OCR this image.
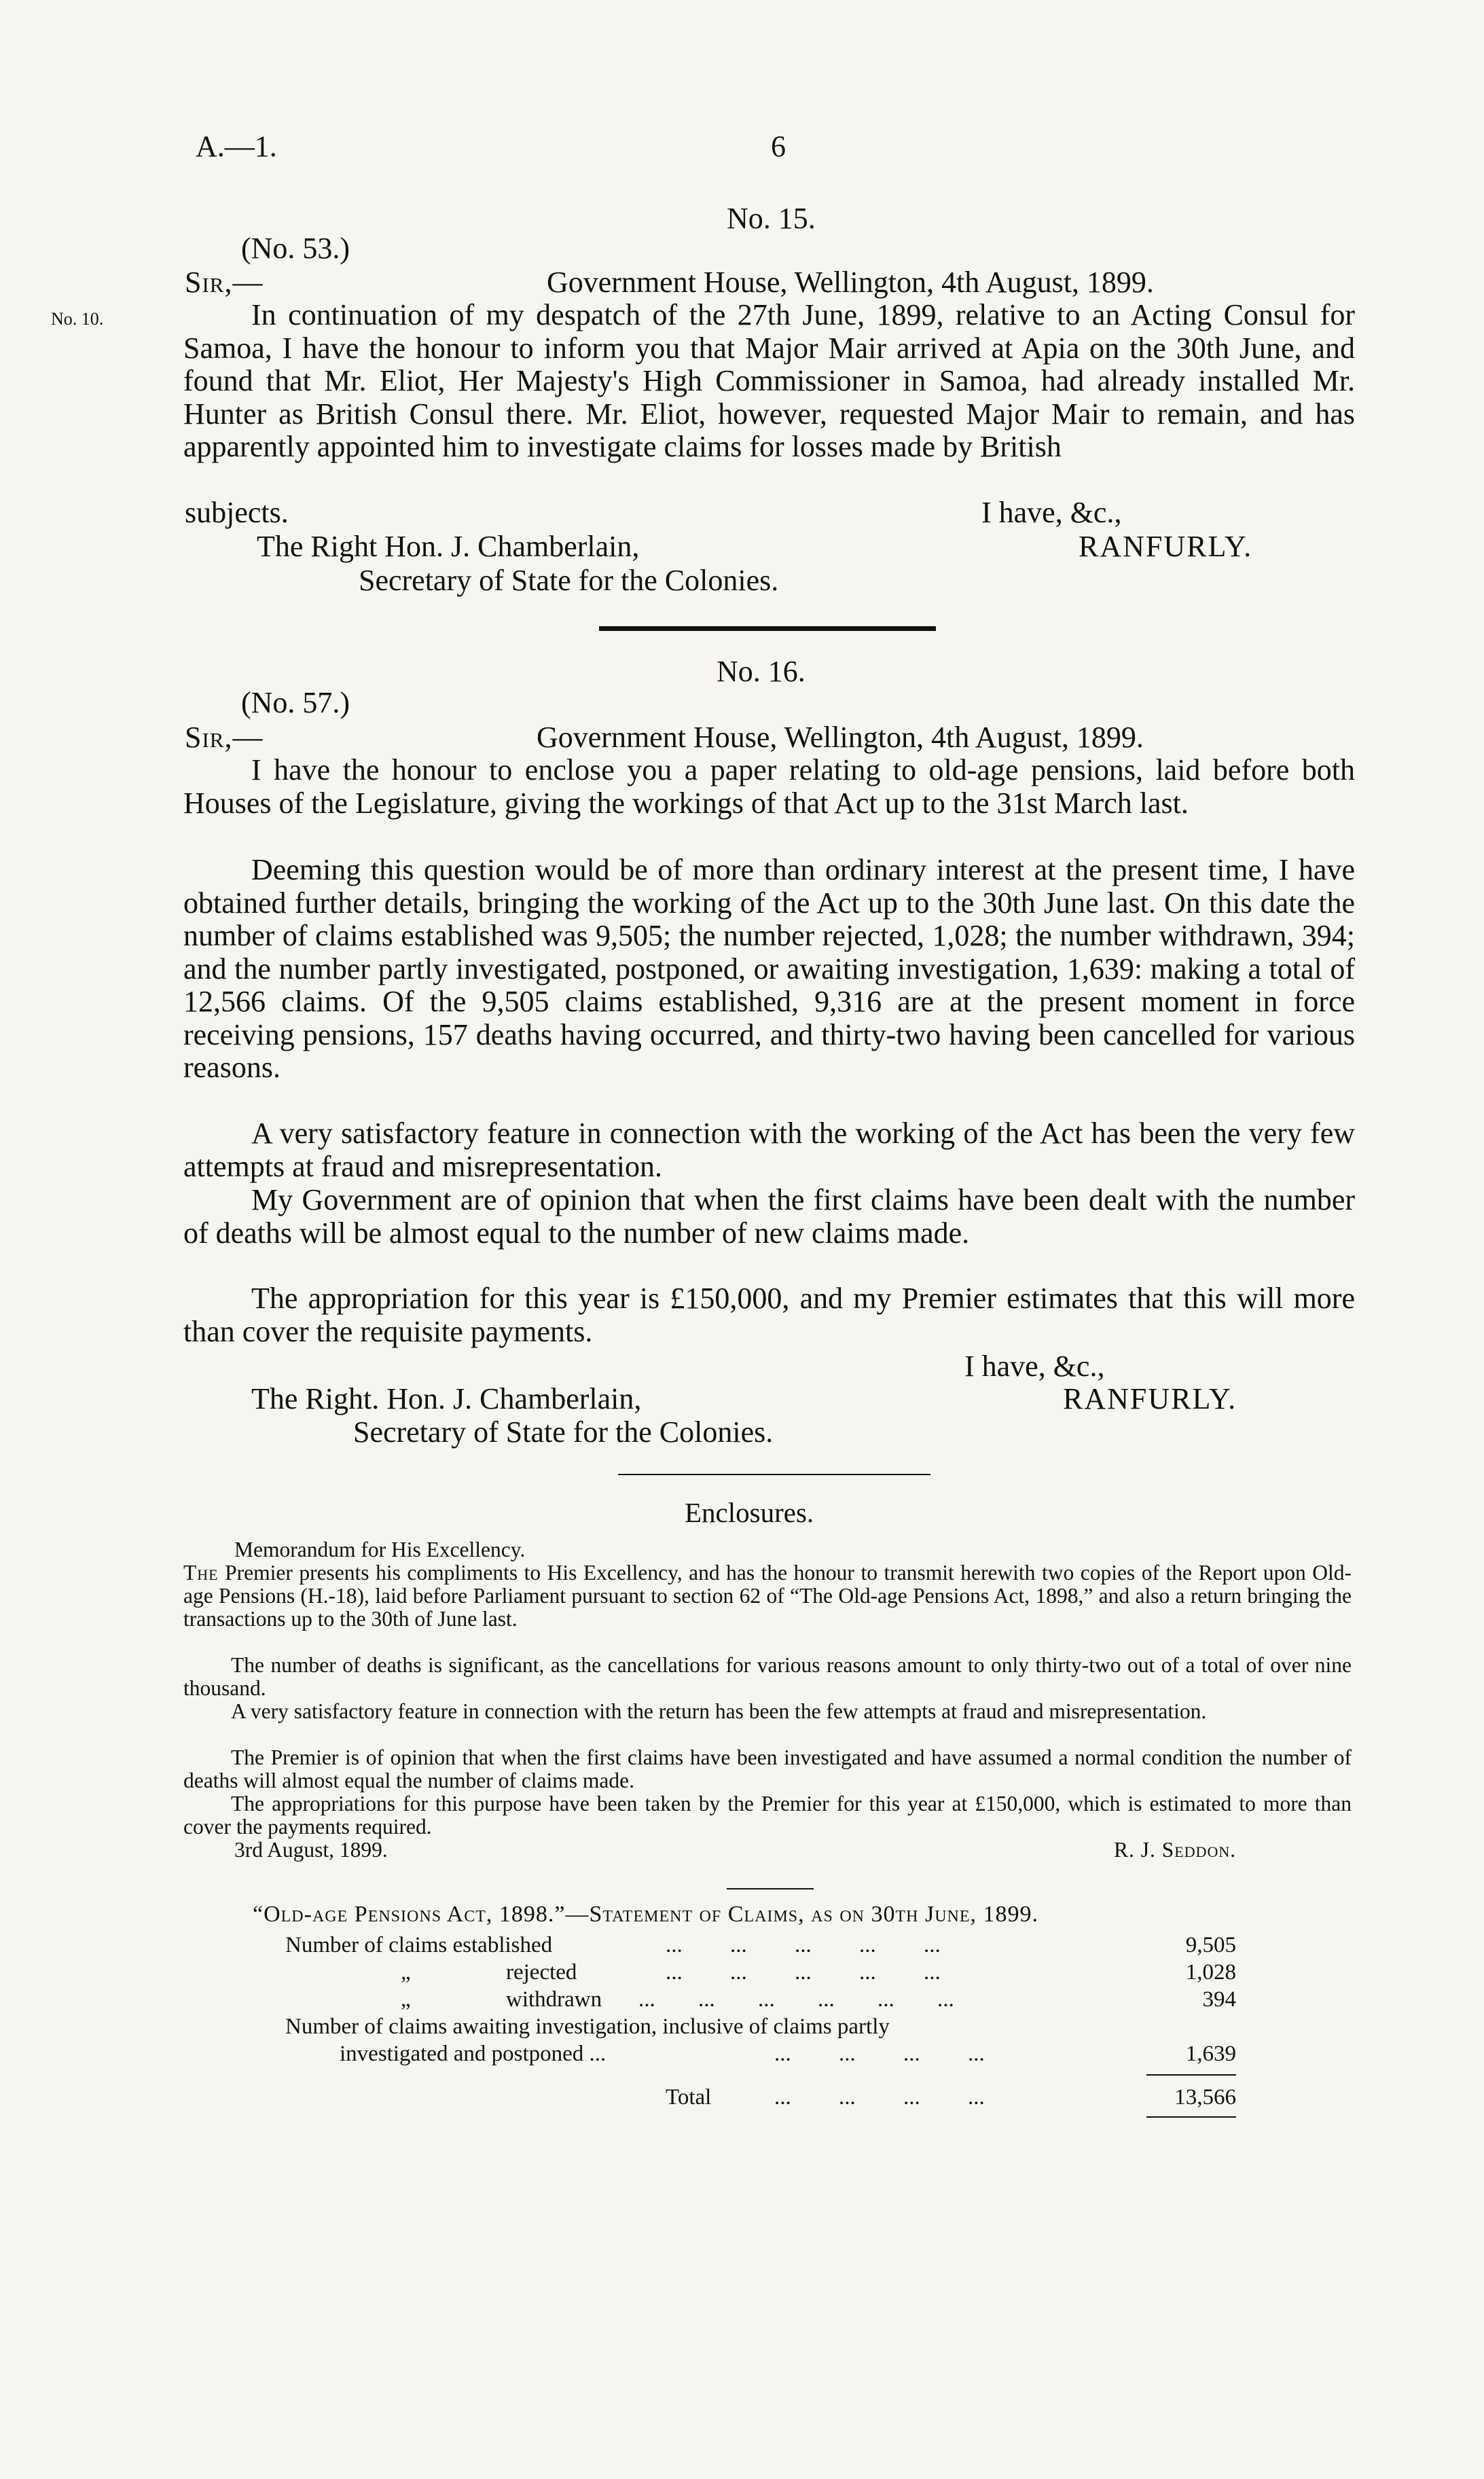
A.—1.	6
No. 15.
(No. 53.)
No. 10.
Sir,—	Government House, Wellington, 4th August, 1899.
In continuation of my despatch of the 27th June, 1899, relative to an Acting Consul for Samoa, I have the honour to inform you that Major Mair arrived at Apia on the 30th June, and found that Mr. Eliot, Her Majesty's High Commissioner in Samoa, had already installed Mr. Hunter as British Consul there. Mr. Eliot, however, requested Major Mair to remain, and has apparently appointed him to investigate claims for losses made by British
subjects.	I have, &c.,
The Right Hon. J. Chamberlain,	RANFURLY.
Secretary of State for the Colonies.
No. 16.
(No. 57.)
Sir,—	Government House, Wellington, 4th August, 1899.
I have the honour to enclose you a paper relating to old-age pensions, laid before both Houses of the Legislature, giving the workings of that Act up to the 31st March last.
Deeming this question would be of more than ordinary interest at the present time, I have obtained further details, bringing the working of the Act up to the 30th June last. On this date the number of claims established was 9,505; the number rejected, 1,028; the number withdrawn, 394; and the number partly investigated, postponed, or awaiting investigation, 1,639: making a total of 12,566 claims. Of the 9,505 claims established, 9,316 are at the present moment in force receiving pensions, 157 deaths having occurred, and thirty-two having been cancelled for various reasons.
A very satisfactory feature in connection with the working of the Act has been the very few attempts at fraud and misrepresentation.
My Government are of opinion that when the first claims have been dealt with the number of deaths will be almost equal to the number of new claims made.
The appropriation for this year is £150,000, and my Premier estimates that this will more than cover the requisite payments.
I have, &c.,
The Right. Hon. J. Chamberlain,	RANFURLY.
Secretary of State for the Colonies.
Enclosures.
Memorandum for His Excellency.
The Premier presents his compliments to His Excellency, and has the honour to transmit herewith two copies of the Report upon Old-age Pensions (H.-18), laid before Parliament pursuant to section 62 of “The Old-age Pensions Act, 1898,” and also a return bringing the transactions up to the 30th of June last.
The number of deaths is significant, as the cancellations for various reasons amount to only thirty-two out of a total of over nine thousand.
A very satisfactory feature in connection with the return has been the few attempts at fraud and misrepresentation.
The Premier is of opinion that when the first claims have been investigated and have assumed a normal condition the number of deaths will almost equal the number of claims made.
The appropriations for this purpose have been taken by the Premier for this year at £150,000, which is estimated to more than cover the payments required.
3rd August, 1899.	R. J. Seddon.
“Old-age Pensions Act, 1898.”—Statement of Claims, as on 30th June, 1899.
Number of claims established	... ... ... ... ...	9,505
„	rejected	... ... ... ... ...	1,028
„	withdrawn ... ... ... ... ... ...	394
Number of claims awaiting investigation, inclusive of claims partly
investigated and postponed ...	... ... ... ...	1,639
Total	... ... ... ...	13,566
